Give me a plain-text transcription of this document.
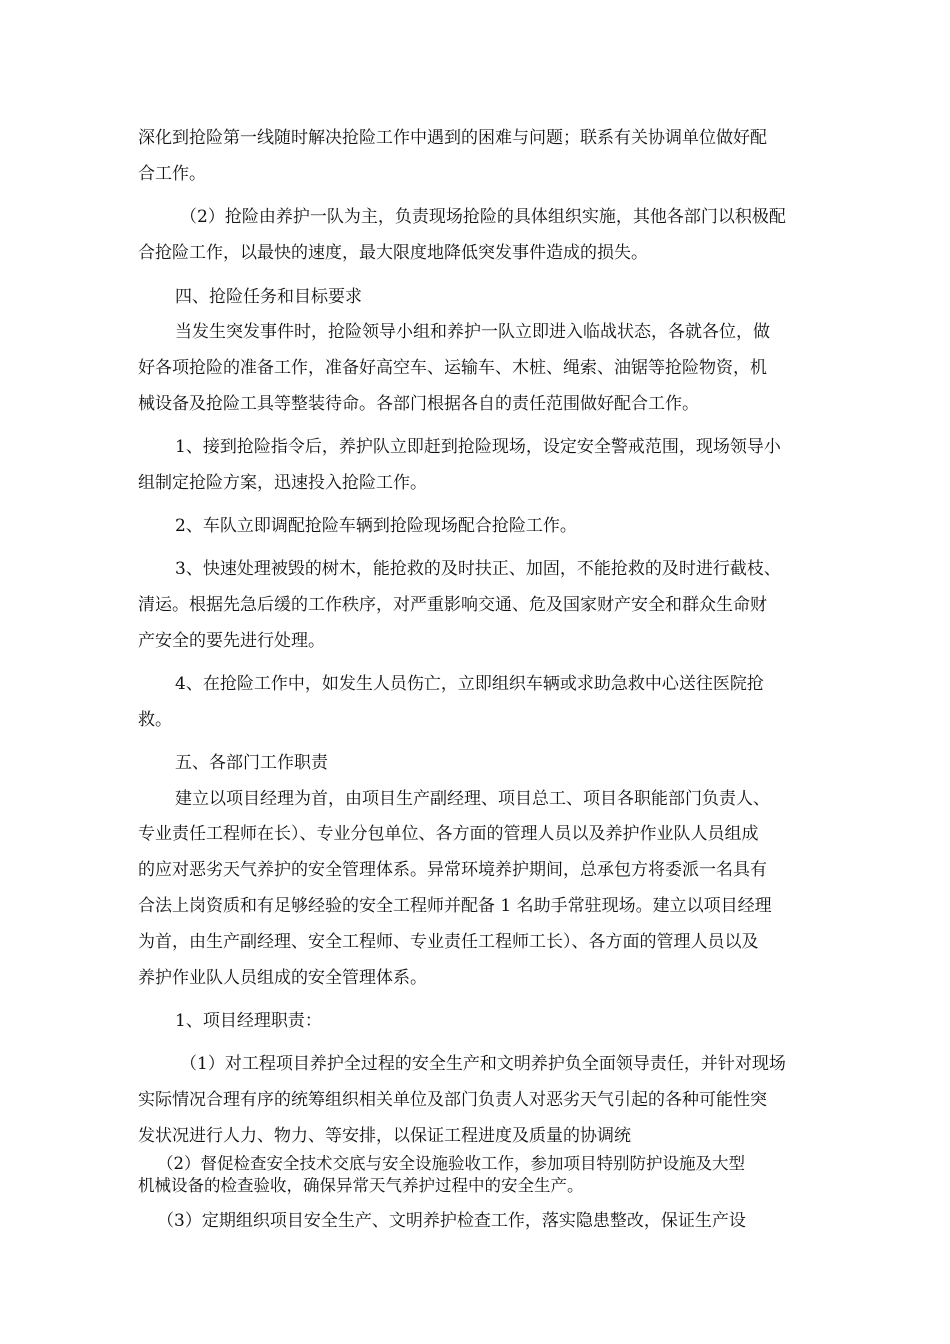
深化到抢险第一线随时解决抢险工作中遇到的困难与问题；联系有关协调单位做好配
合工作。
（2）抢险由养护一队为主，负责现场抢险的具体组织实施，其他各部门以积极配
合抢险工作，以最快的速度，最大限度地降低突发事件造成的损失。
四、抢险任务和目标要求
当发生突发事件时，抢险领导小组和养护一队立即进入临战状态，各就各位，做
好各项抢险的准备工作，准备好高空车、运输车、木桩、绳索、油锯等抢险物资，机
械设备及抢险工具等整装待命。各部门根据各自的责任范围做好配合工作。
1、接到抢险指令后，养护队立即赶到抢险现场，设定安全警戒范围，现场领导小
组制定抢险方案，迅速投入抢险工作。
2、车队立即调配抢险车辆到抢险现场配合抢险工作。
3、快速处理被毁的树木，能抢救的及时扶正、加固，不能抢救的及时进行截枝、
清运。根据先急后缓的工作秩序，对严重影响交通、危及国家财产安全和群众生命财
产安全的要先进行处理。
4、在抢险工作中，如发生人员伤亡，立即组织车辆或求助急救中心送往医院抢
救。
五、各部门工作职责
建立以项目经理为首，由项目生产副经理、项目总工、项目各职能部门负责人、
专业责任工程师在长）、专业分包单位、各方面的管理人员以及养护作业队人员组成
的应对恶劣天气养护的安全管理体系。异常环境养护期间，总承包方将委派一名具有
合法上岗资质和有足够经验的安全工程师并配备 1 名助手常驻现场。建立以项目经理
为首，由生产副经理、安全工程师、专业责任工程师工长）、各方面的管理人员以及
养护作业队人员组成的安全管理体系。
1、项目经理职责：
（1）对工程项目养护全过程的安全生产和文明养护负全面领导责任，并针对现场
实际情况合理有序的统筹组织相关单位及部门负责人对恶劣天气引起的各种可能性突
发状况进行人力、物力、等安排，以保证工程进度及质量的协调统
（2）督促检查安全技术交底与安全设施验收工作，参加项目特别防护设施及大型
机械设备的检查验收，确保异常天气养护过程中的安全生产。
（3）定期组织项目安全生产、文明养护检查工作，落实隐患整改，保证生产设
